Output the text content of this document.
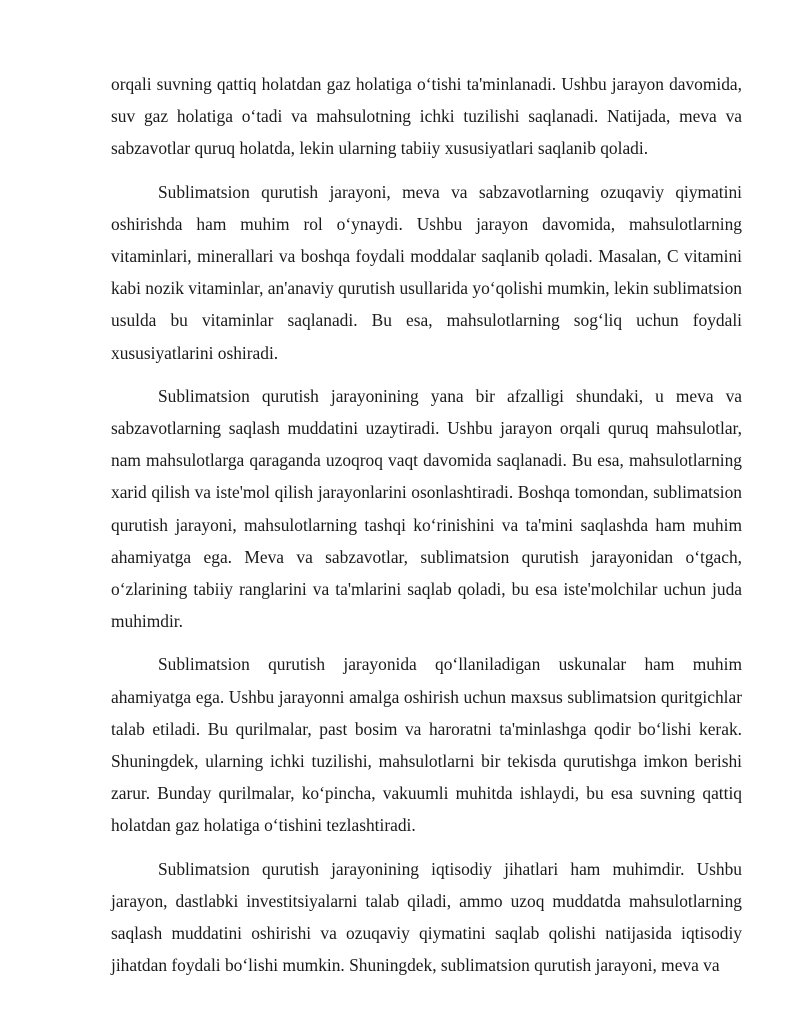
orqali suvning qattiq holatdan gaz holatiga o‘tishi ta'minlanadi. Ushbu jarayon davomida, suv gaz holatiga o‘tadi va mahsulotning ichki tuzilishi saqlanadi. Natijada, meva va sabzavotlar quruq holatda, lekin ularning tabiiy xususiyatlari saqlanib qoladi.

Sublimatsion qurutish jarayoni, meva va sabzavotlarning ozuqaviy qiymatini oshirishda ham muhim rol o‘ynaydi. Ushbu jarayon davomida, mahsulotlarning vitaminlari, minerallari va boshqa foydali moddalar saqlanib qoladi. Masalan, C vitamini kabi nozik vitaminlar, an'anaviy qurutish usullarida yo‘qolishi mumkin, lekin sublimatsion usulda bu vitaminlar saqlanadi. Bu esa, mahsulotlarning sog‘liq uchun foydali xususiyatlarini oshiradi.

Sublimatsion qurutish jarayonining yana bir afzalligi shundaki, u meva va sabzavotlarning saqlash muddatini uzaytiradi. Ushbu jarayon orqali quruq mahsulotlar, nam mahsulotlarga qaraganda uzoqroq vaqt davomida saqlanadi. Bu esa, mahsulotlarning xarid qilish va iste'mol qilish jarayonlarini osonlashtiradi. Boshqa tomondan, sublimatsion qurutish jarayoni, mahsulotlarning tashqi ko‘rinishini va ta'mini saqlashda ham muhim ahamiyatga ega. Meva va sabzavotlar, sublimatsion qurutish jarayonidan o‘tgach, o‘zlarining tabiiy ranglarini va ta'mlarini saqlab qoladi, bu esa iste'molchilar uchun juda muhimdir.

Sublimatsion qurutish jarayonida qo‘llaniladigan uskunalar ham muhim ahamiyatga ega. Ushbu jarayonni amalga oshirish uchun maxsus sublimatsion quritgichlar talab etiladi. Bu qurilmalar, past bosim va haroratni ta'minlashga qodir bo‘lishi kerak. Shuningdek, ularning ichki tuzilishi, mahsulotlarni bir tekisda qurutishga imkon berishi zarur. Bunday qurilmalar, ko‘pincha, vakuumli muhitda ishlaydi, bu esa suvning qattiq holatdan gaz holatiga o‘tishini tezlashtiradi.

Sublimatsion qurutish jarayonining iqtisodiy jihatlari ham muhimdir. Ushbu jarayon, dastlabki investitsiyalarni talab qiladi, ammo uzoq muddatda mahsulotlarning saqlash muddatini oshirishi va ozuqaviy qiymatini saqlab qolishi natijasida iqtisodiy jihatdan foydali bo‘lishi mumkin. Shuningdek, sublimatsion qurutish jarayoni, meva va
